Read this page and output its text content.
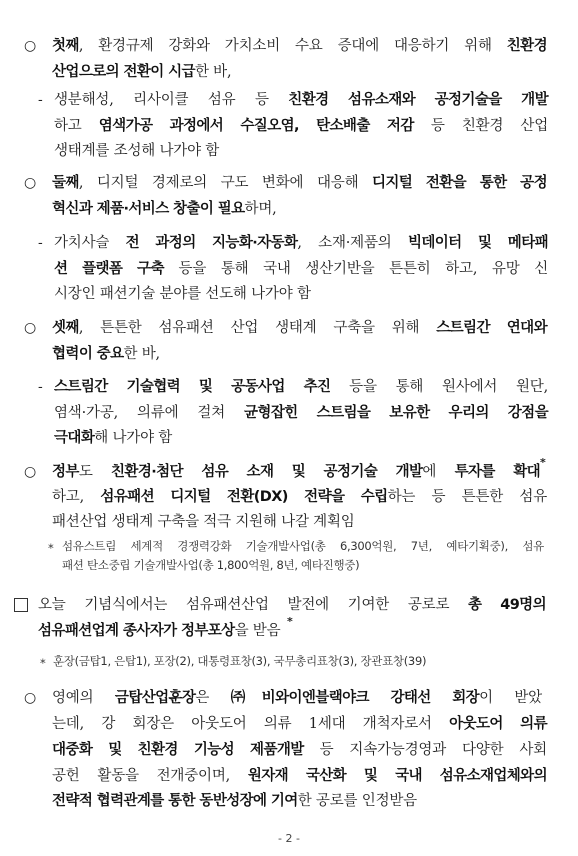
○ 첫째, 환경규제 강화와 가치소비 수요 증대에 대응하기 위해 친환경
산업으로의 전환이 시급한 바,
- 생분해성, 리사이클 섬유 등 친환경 섬유소재와 공정기술을 개발
하고 염색가공 과정에서 수질오염, 탄소배출 저감 등 친환경 산업
생태계를 조성해 나가야 함
○ 둘째, 디지털 경제로의 구도 변화에 대응해 디지털 전환을 통한 공정
혁신과 제품·서비스 창출이 필요하며,
- 가치사슬 전 과정의 지능화·자동화, 소재·제품의 빅데이터 및 메타패
션 플랫폼 구축 등을 통해 국내 생산기반을 튼튼히 하고, 유망 신
시장인 패션기술 분야를 선도해 나가야 함
○ 셋째, 튼튼한 섬유패션 산업 생태계 구축을 위해 스트림간 연대와
협력이 중요한 바,
- 스트림간 기술협력 및 공동사업 추진 등을 통해 원사에서 원단,
염색·가공, 의류에 걸쳐 균형잡힌 스트림을 보유한 우리의 강점을
극대화해 나가야 함
○ 정부도 친환경·첨단 섬유 소재 및 공정기술 개발에 투자를 확대
*
하고, 섬유패션 디지털 전환(DX) 전략을 수립하는 등 튼튼한 섬유
패션산업 생태계 구축을 적극 지원해 나갈 계획임
* 섬유스트림 세계적 경쟁력강화 기술개발사업(총 6,300억원, 7년, 예타기획중), 섬유
패션 탄소중립 기술개발사업(총 1,800억원, 8년, 예타진행중)
오늘 기념식에서는 섬유패션산업 발전에 기여한 공로로 총 49명의
섬유패션업계 종사자가 정부포상을 받음
*
* 훈장(금탑1, 은탑1), 포장(2), 대통령표창(3), 국무총리표창(3), 장관표창(39)
○ 영예의 금탑산업훈장은 ㈜비와이엔블랙야크 강태선 회장이 받았
는데, 강 회장은 아웃도어 의류 1세대 개척자로서 아웃도어 의류
대중화 및 친환경 기능성 제품개발 등 지속가능경영과 다양한 사회
공헌 활동을 전개중이며, 원자재 국산화 및 국내 섬유소재업체와의
전략적 협력관계를 통한 동반성장에 기여한 공로를 인정받음
- 2 -
